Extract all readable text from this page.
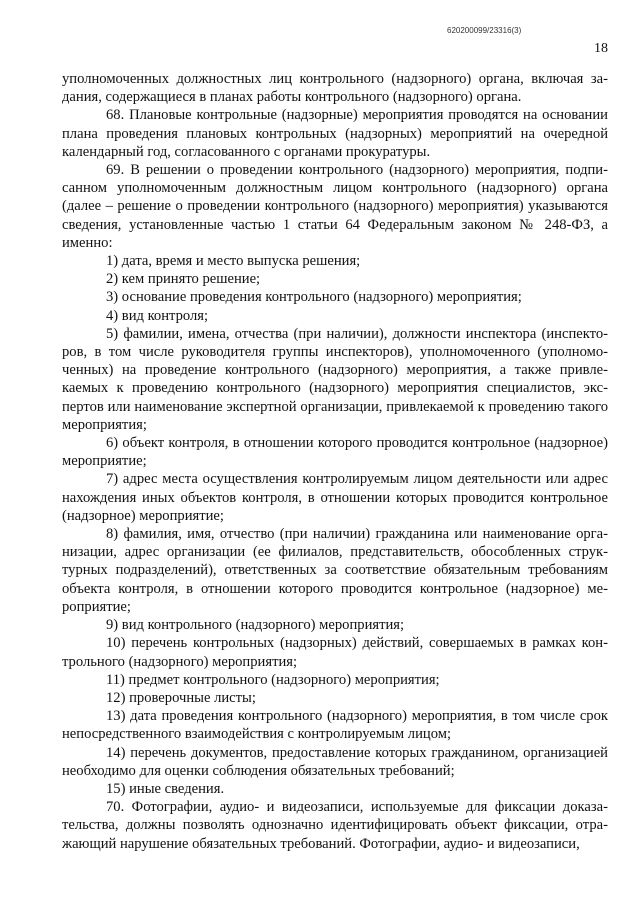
620200099/23316(3)
18

уполномоченных должностных лиц контрольного (надзорного) органа, включая задания, содержащиеся в планах работы контрольного (надзорного) органа.

68. Плановые контрольные (надзорные) мероприятия проводятся на основании плана проведения плановых контрольных (надзорных) мероприятий на очередной календарный год, согласованного с органами прокуратуры.

69. В решении о проведении контрольного (надзорного) мероприятия, подписанном уполномоченным должностным лицом контрольного (надзорного) органа (далее – решение о проведении контрольного (надзорного) мероприятия) указываются сведения, установленные частью 1 статьи 64 Федеральным законом № 248-ФЗ, а именно:

1) дата, время и место выпуска решения;

2) кем принято решение;

3) основание проведения контрольного (надзорного) мероприятия;

4) вид контроля;

5) фамилии, имена, отчества (при наличии), должности инспектора (инспекторов, в том числе руководителя группы инспекторов), уполномоченного (уполномоченных) на проведение контрольного (надзорного) мероприятия, а также привлекаемых к проведению контрольного (надзорного) мероприятия специалистов, экспертов или наименование экспертной организации, привлекаемой к проведению такого мероприятия;

6) объект контроля, в отношении которого проводится контрольное (надзорное) мероприятие;

7) адрес места осуществления контролируемым лицом деятельности или адрес нахождения иных объектов контроля, в отношении которых проводится контрольное (надзорное) мероприятие;

8) фамилия, имя, отчество (при наличии) гражданина или наименование организации, адрес организации (ее филиалов, представительств, обособленных структурных подразделений), ответственных за соответствие обязательным требованиям объекта контроля, в отношении которого проводится контрольное (надзорное) мероприятие;

9) вид контрольного (надзорного) мероприятия;

10) перечень контрольных (надзорных) действий, совершаемых в рамках контрольного (надзорного) мероприятия;

11) предмет контрольного (надзорного) мероприятия;

12) проверочные листы;

13) дата проведения контрольного (надзорного) мероприятия, в том числе срок непосредственного взаимодействия с контролируемым лицом;

14) перечень документов, предоставление которых гражданином, организацией необходимо для оценки соблюдения обязательных требований;

15) иные сведения.

70. Фотографии, аудио- и видеозаписи, используемые для фиксации доказательства, должны позволять однозначно идентифицировать объект фиксации, отражающий нарушение обязательных требований. Фотографии, аудио- и видеозаписи,
